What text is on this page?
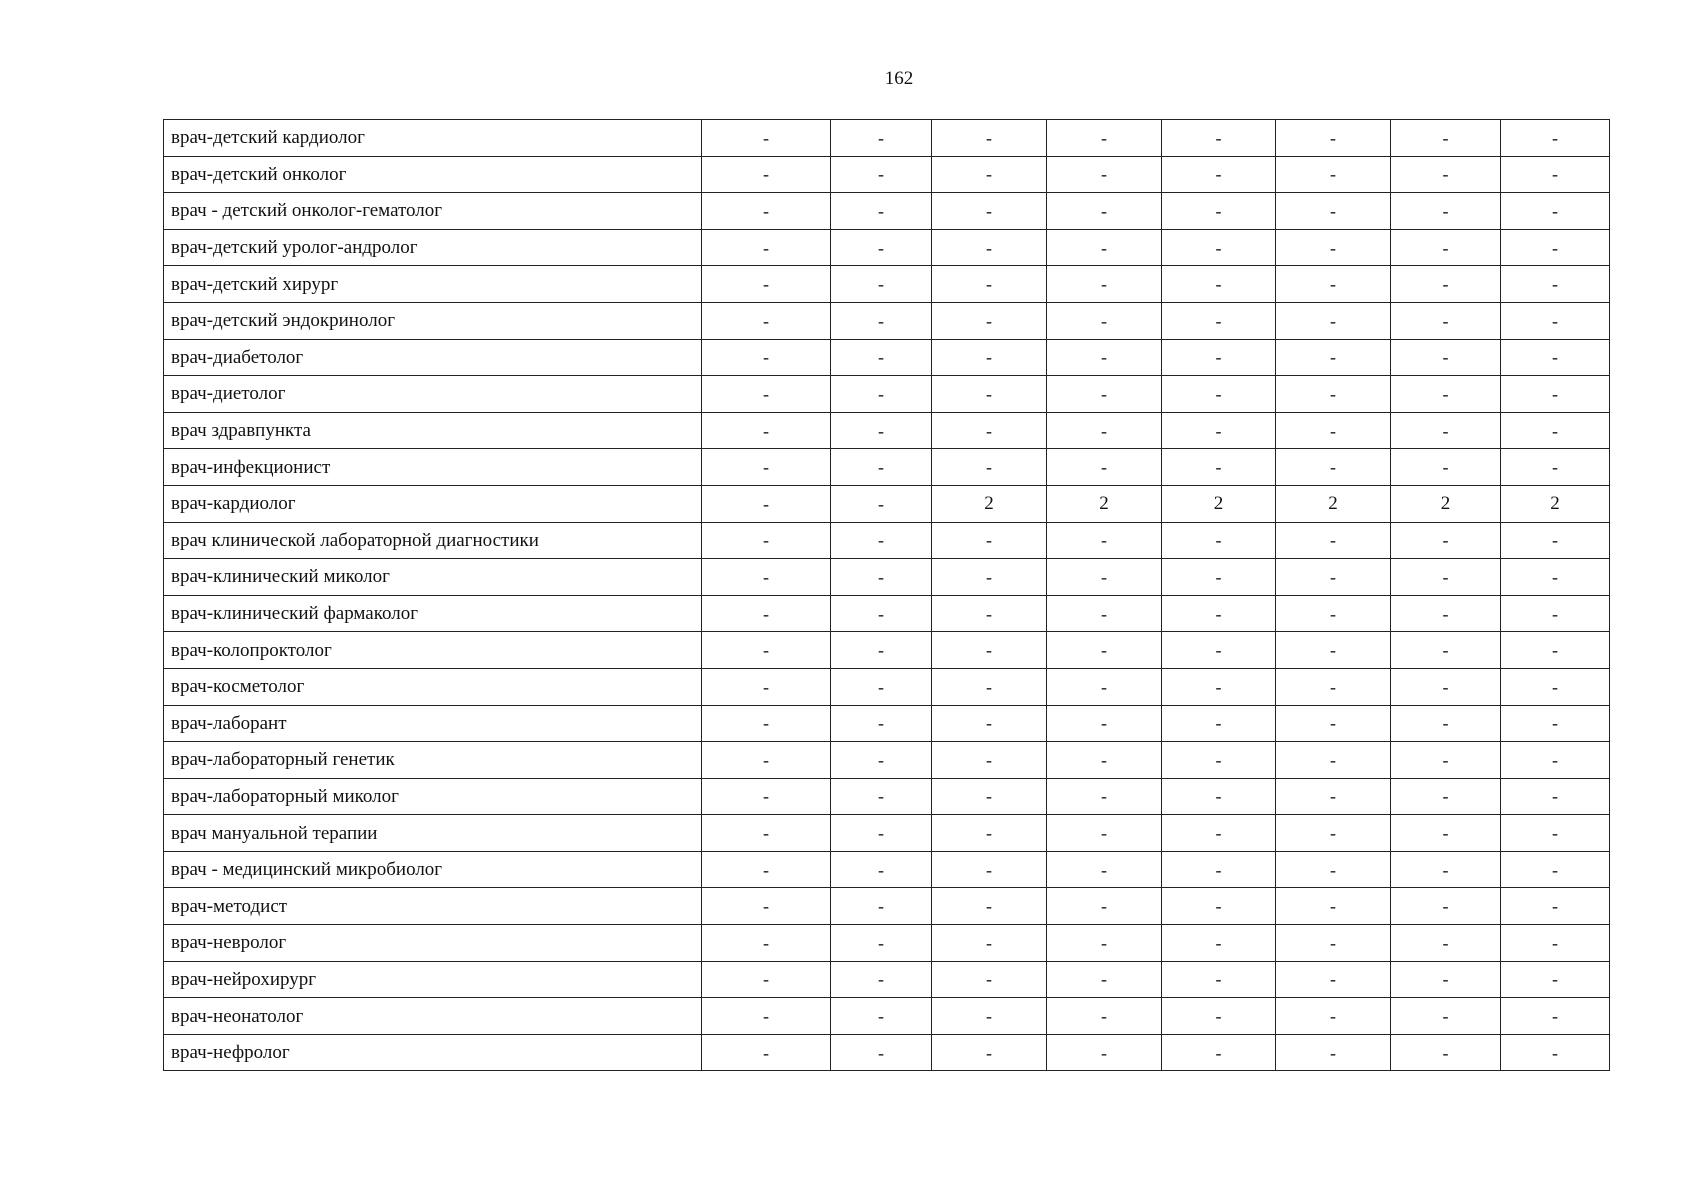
162
врач-детский кардиолог	-	-	-	-	-	-	-	-
врач-детский онколог	-	-	-	-	-	-	-	-
врач - детский онколог-гематолог	-	-	-	-	-	-	-	-
врач-детский уролог-андролог	-	-	-	-	-	-	-	-
врач-детский хирург	-	-	-	-	-	-	-	-
врач-детский эндокринолог	-	-	-	-	-	-	-	-
врач-диабетолог	-	-	-	-	-	-	-	-
врач-диетолог	-	-	-	-	-	-	-	-
врач здравпункта	-	-	-	-	-	-	-	-
врач-инфекционист	-	-	-	-	-	-	-	-
врач-кардиолог	-	-	2	2	2	2	2	2
врач клинической лабораторной диагностики	-	-	-	-	-	-	-	-
врач-клинический миколог	-	-	-	-	-	-	-	-
врач-клинический фармаколог	-	-	-	-	-	-	-	-
врач-колопроктолог	-	-	-	-	-	-	-	-
врач-косметолог	-	-	-	-	-	-	-	-
врач-лаборант	-	-	-	-	-	-	-	-
врач-лабораторный генетик	-	-	-	-	-	-	-	-
врач-лабораторный миколог	-	-	-	-	-	-	-	-
врач мануальной терапии	-	-	-	-	-	-	-	-
врач - медицинский микробиолог	-	-	-	-	-	-	-	-
врач-методист	-	-	-	-	-	-	-	-
врач-невролог	-	-	-	-	-	-	-	-
врач-нейрохирург	-	-	-	-	-	-	-	-
врач-неонатолог	-	-	-	-	-	-	-	-
врач-нефролог	-	-	-	-	-	-	-	-
